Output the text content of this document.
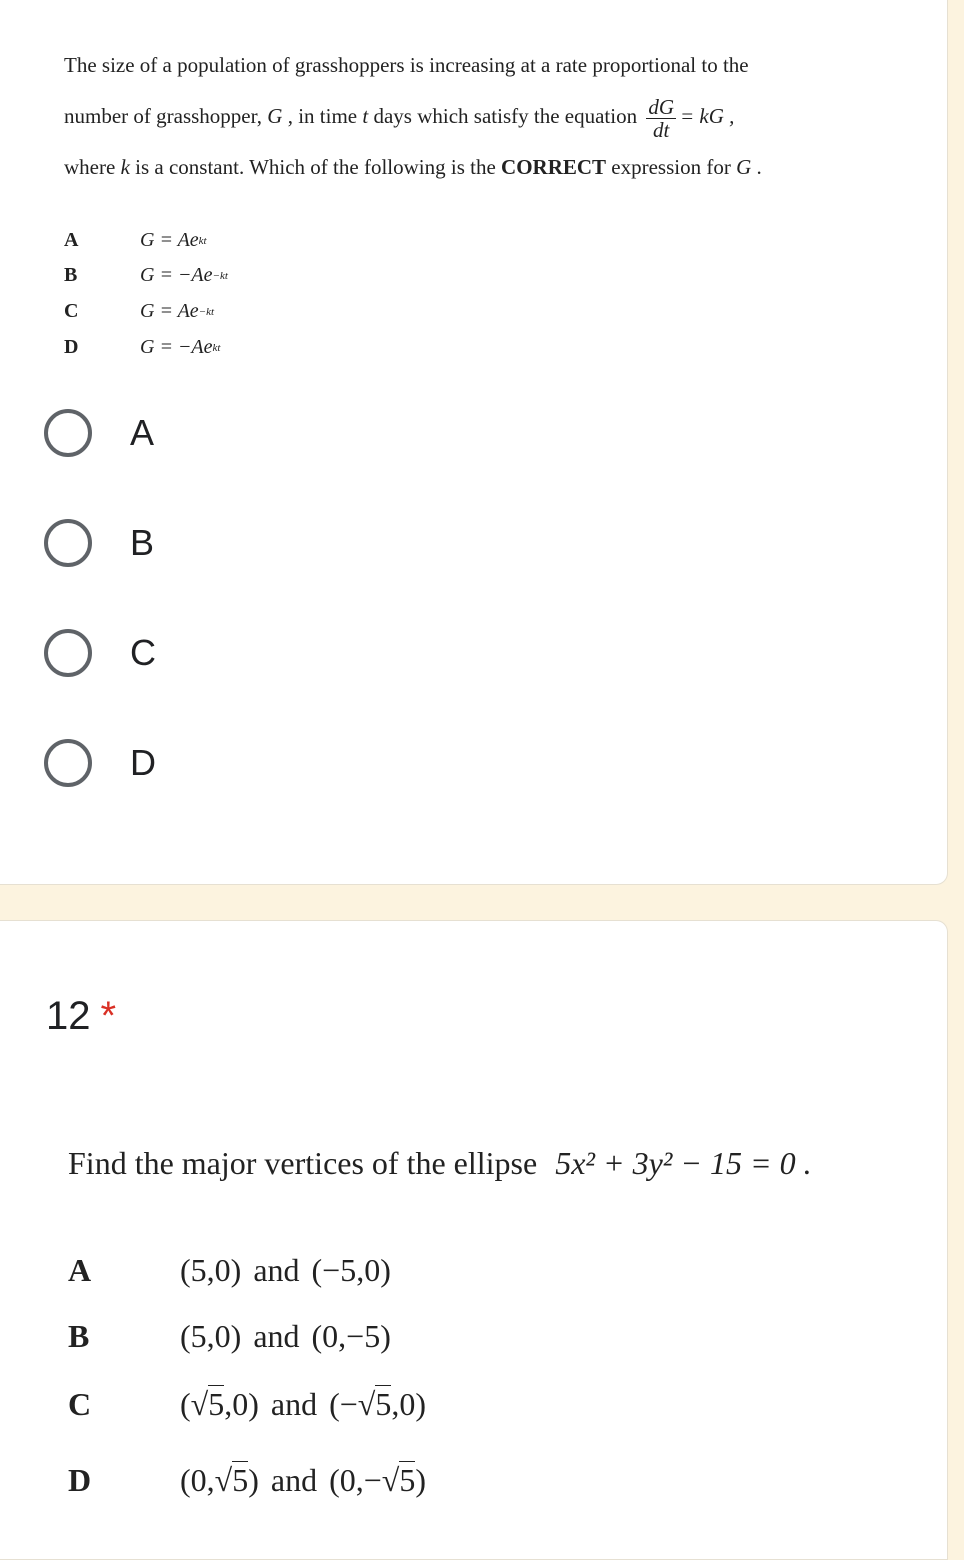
The size of a population of grasshoppers is increasing at a rate proportional to the
number of grasshopper, G , in time t days which satisfy the equation $\frac{dG}{dt}$ = kG ,
where k is a constant. Which of the following is the CORRECT expression for G .
A	G = Ae kt
B	G = −Ae −kt
C	G = Ae −kt
D	G = −Ae kt
A
B
C
D
12 *
Find the major vertices of the ellipse 5x² + 3y² − 15 = 0 .
A	(5,0) and (−5,0)
B	(5,0) and (0,−5)
C	(√5,0) and (−√5,0)
D	(0,√5) and (0,−√5)
